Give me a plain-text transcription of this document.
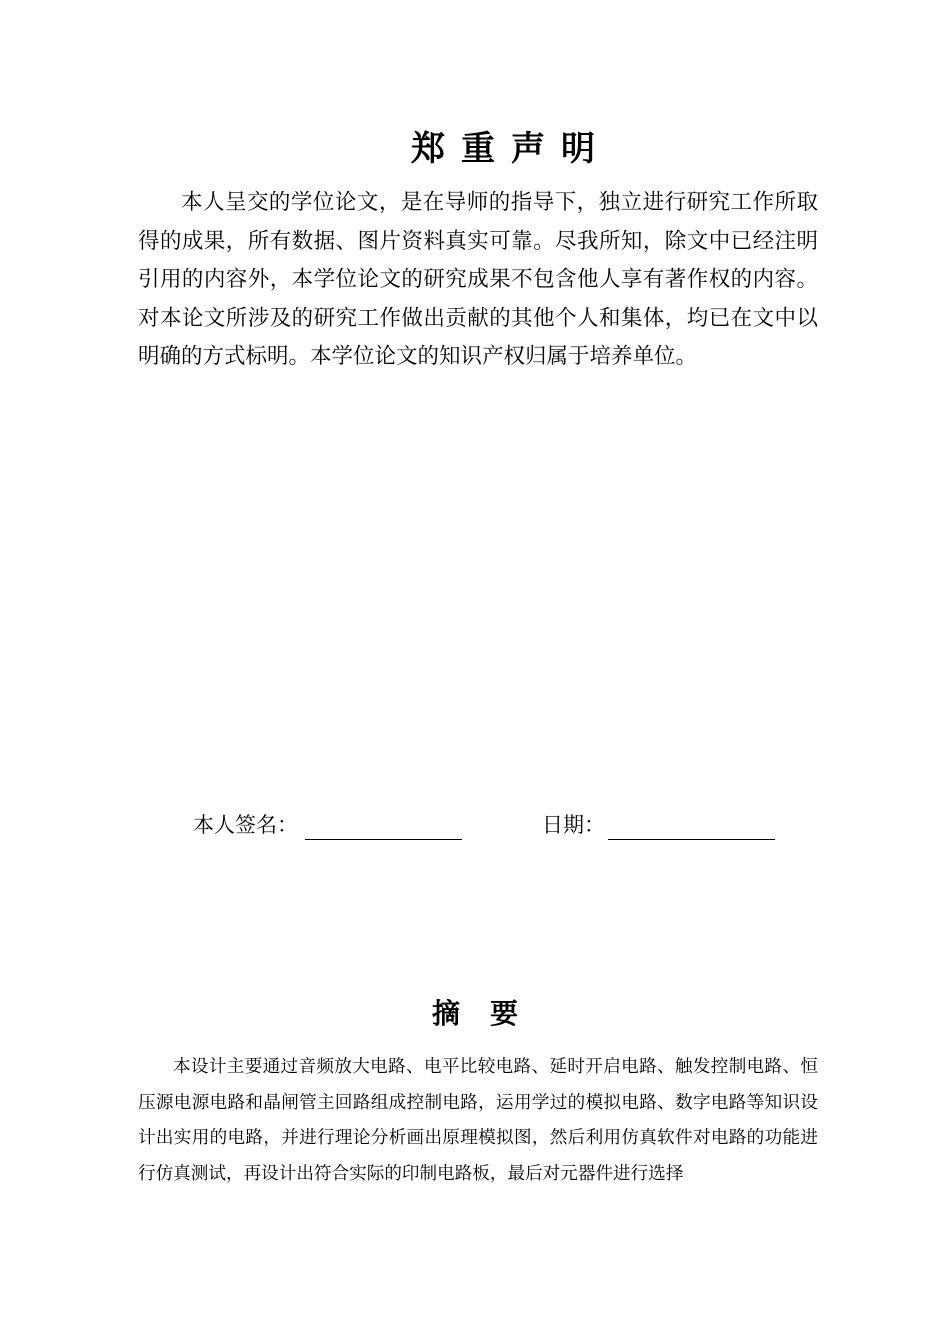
郑重声明

本人呈交的学位论文，是在导师的指导下，独立进行研究工作所取得的成果，所有数据、图片资料真实可靠。尽我所知，除文中已经注明引用的内容外，本学位论文的研究成果不包含他人享有著作权的内容。对本论文所涉及的研究工作做出贡献的其他个人和集体，均已在文中以明确的方式标明。本学位论文的知识产权归属于培养单位。

本人签名：	日期：
摘要

本设计主要通过音频放大电路、电平比较电路、延时开启电路、触发控制电路、恒压源电源电路和晶闸管主回路组成控制电路，运用学过的模拟电路、数字电路等知识设计出实用的电路，并进行理论分析画出原理模拟图，然后利用仿真软件对电路的功能进行仿真测试，再设计出符合实际的印制电路板，最后对元器件进行选择
